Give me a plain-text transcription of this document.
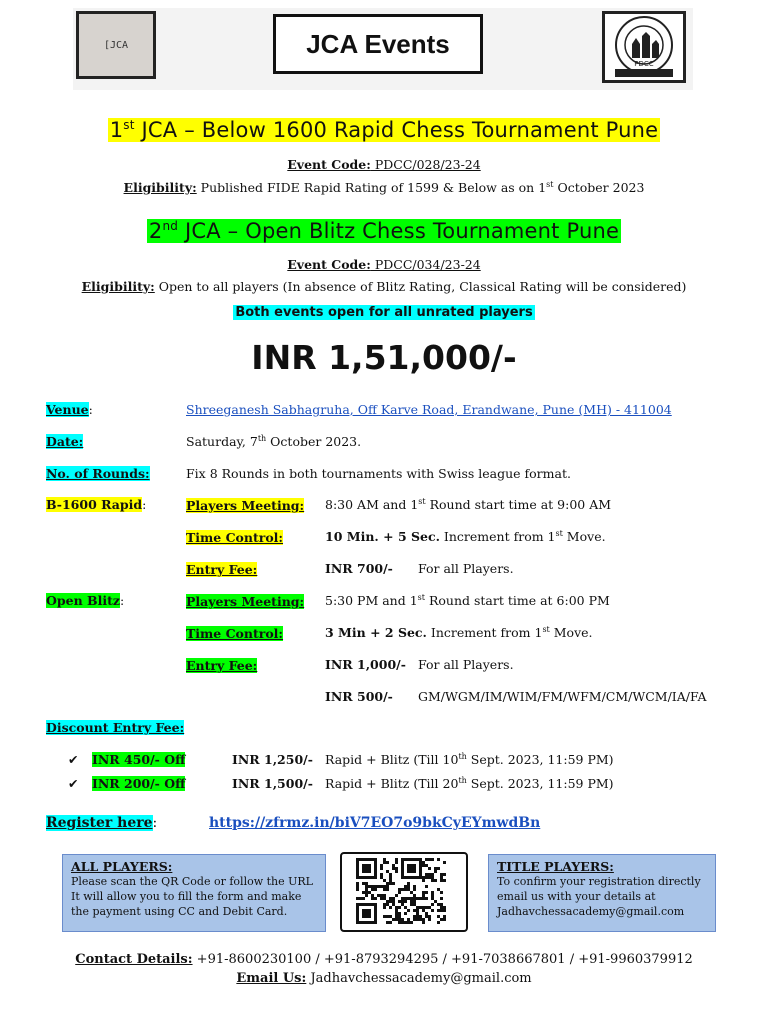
[JCA	JCA Events
PDCC
1st JCA – Below 1600 Rapid Chess Tournament Pune
Event Code: PDCC/028/23-24
Eligibility: Published FIDE Rapid Rating of 1599 & Below as on 1st October 2023
2nd JCA – Open Blitz Chess Tournament Pune
Event Code: PDCC/034/23-24
Eligibility: Open to all players (In absence of Blitz Rating, Classical Rating will be considered)
Both events open for all unrated players
INR 1,51,000/-
Venue:	Shreeganesh Sabhagruha, Off Karve Road, Erandwane, Pune (MH) - 411004
Date:	Saturday, 7th October 2023.
No. of Rounds:	Fix 8 Rounds in both tournaments with Swiss league format.
B-1600 Rapid:	Players Meeting: 8:30 AM and 1st Round start time at 9:00 AM
Time Control:	10 Min. + 5 Sec. Increment from 1st Move.
Entry Fee:	INR 700/- For all Players.
Open Blitz:	Players Meeting: 5:30 PM and 1st Round start time at 6:00 PM
Time Control:	3 Min + 2 Sec. Increment from 1st Move.
Entry Fee:	INR 1,000/- For all Players.
INR 500/- GM/WGM/IM/WIM/FM/WFM/CM/WCM/IA/FA
Discount Entry Fee:
✔ INR 450/- Off	INR 1,250/- Rapid + Blitz (Till 10th Sept. 2023, 11:59 PM)
✔ INR 200/- Off	INR 1,500/- Rapid + Blitz (Till 20th Sept. 2023, 11:59 PM)
Register here:	https://zfrmz.in/biV7EO7o9bkCyEYmwdBn
ALL PLAYERS:
Please scan the QR Code or follow the URL It will allow you to fill the form and make the payment using CC and Debit Card.
TITLE PLAYERS:
To confirm your registration directly email us with your details at Jadhavchessacademy@gmail.com
Contact Details: +91-8600230100 / +91-8793294295 / +91-7038667801 / +91-9960379912
Email Us: Jadhavchessacademy@gmail.com
